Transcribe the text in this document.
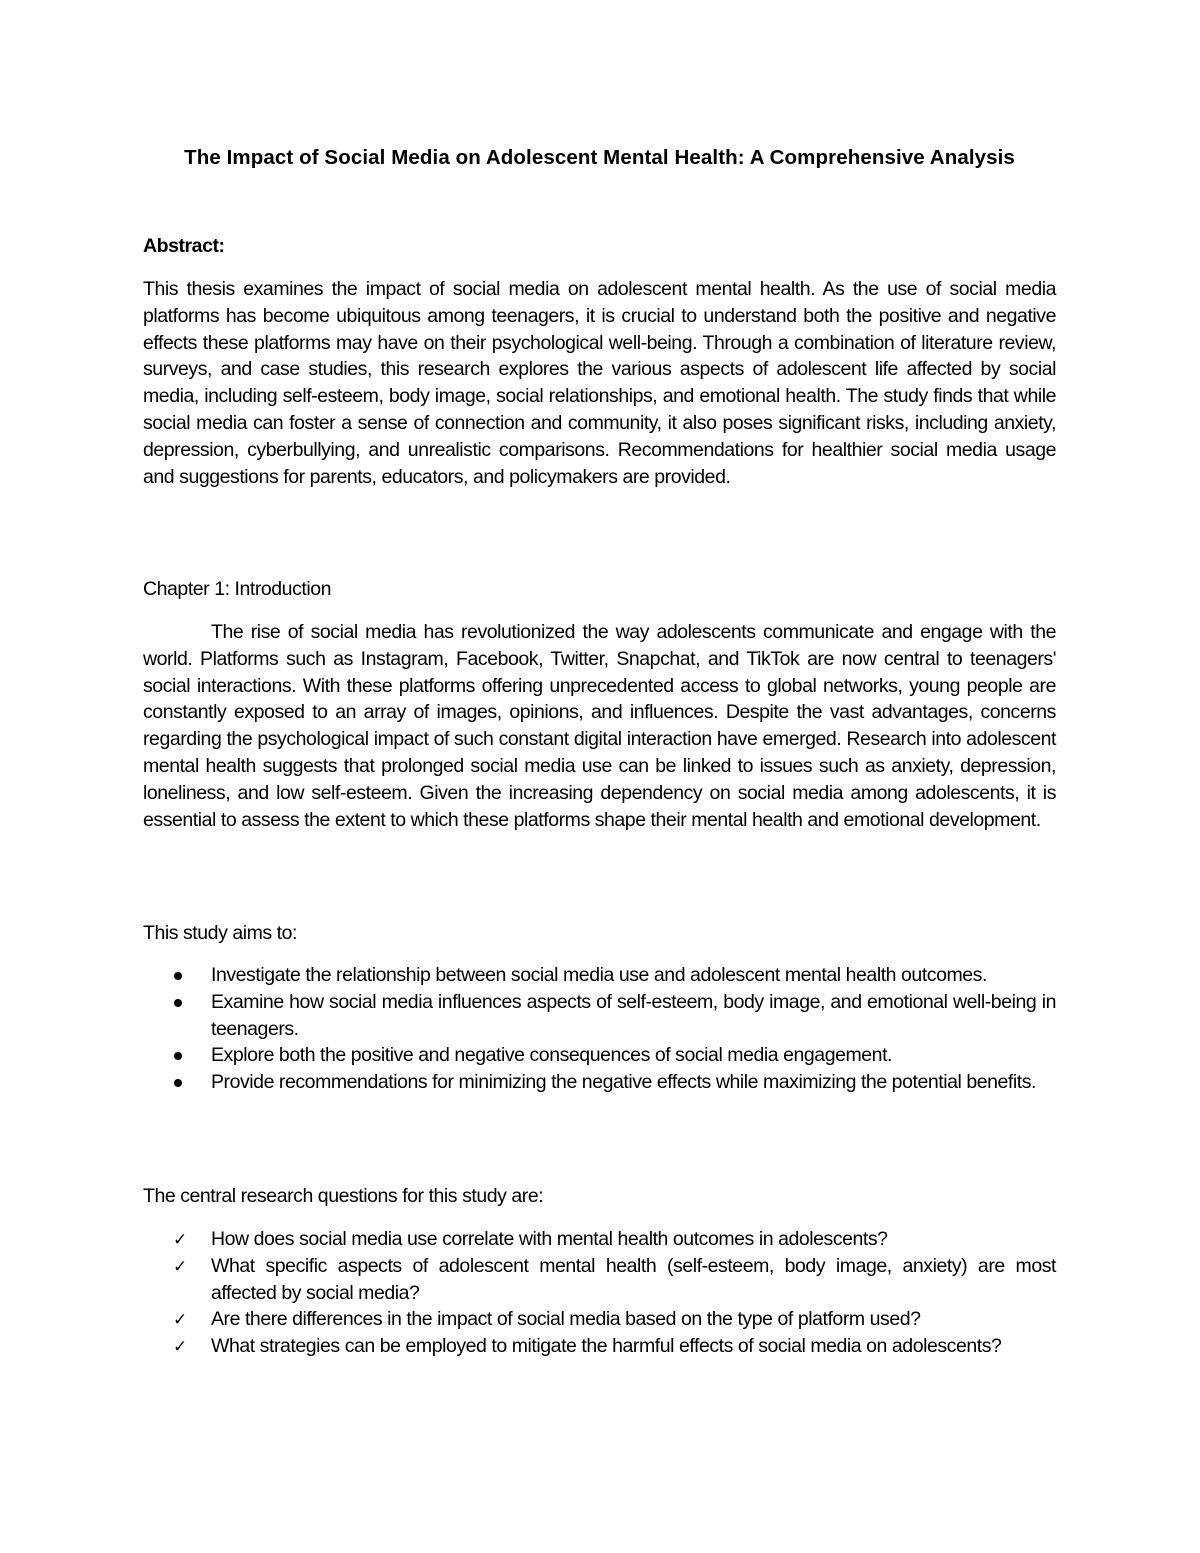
The Impact of Social Media on Adolescent Mental Health: A Comprehensive Analysis

Abstract:

This thesis examines the impact of social media on adolescent mental health. As the use of social media platforms has become ubiquitous among teenagers, it is crucial to understand both the positive and negative effects these platforms may have on their psychological well-being. Through a combination of literature review, surveys, and case studies, this research explores the various aspects of adolescent life affected by social media, including self-esteem, body image, social relationships, and emotional health. The study finds that while social media can foster a sense of connection and community, it also poses significant risks, including anxiety, depression, cyberbullying, and unrealistic comparisons. Recommendations for healthier social media usage and suggestions for parents, educators, and policymakers are provided.

Chapter 1: Introduction

The rise of social media has revolutionized the way adolescents communicate and engage with the world. Platforms such as Instagram, Facebook, Twitter, Snapchat, and TikTok are now central to teenagers' social interactions. With these platforms offering unprecedented access to global networks, young people are constantly exposed to an array of images, opinions, and influences. Despite the vast advantages, concerns regarding the psychological impact of such constant digital interaction have emerged. Research into adolescent mental health suggests that prolonged social media use can be linked to issues such as anxiety, depression, loneliness, and low self-esteem. Given the increasing dependency on social media among adolescents, it is essential to assess the extent to which these platforms shape their mental health and emotional development.

This study aims to:

Investigate the relationship between social media use and adolescent mental health outcomes.
Examine how social media influences aspects of self-esteem, body image, and emotional well-being in teenagers.
Explore both the positive and negative consequences of social media engagement.
Provide recommendations for minimizing the negative effects while maximizing the potential benefits.

The central research questions for this study are:

✓ How does social media use correlate with mental health outcomes in adolescents?
✓ What specific aspects of adolescent mental health (self-esteem, body image, anxiety) are most affected by social media?
✓ Are there differences in the impact of social media based on the type of platform used?
✓ What strategies can be employed to mitigate the harmful effects of social media on adolescents?
